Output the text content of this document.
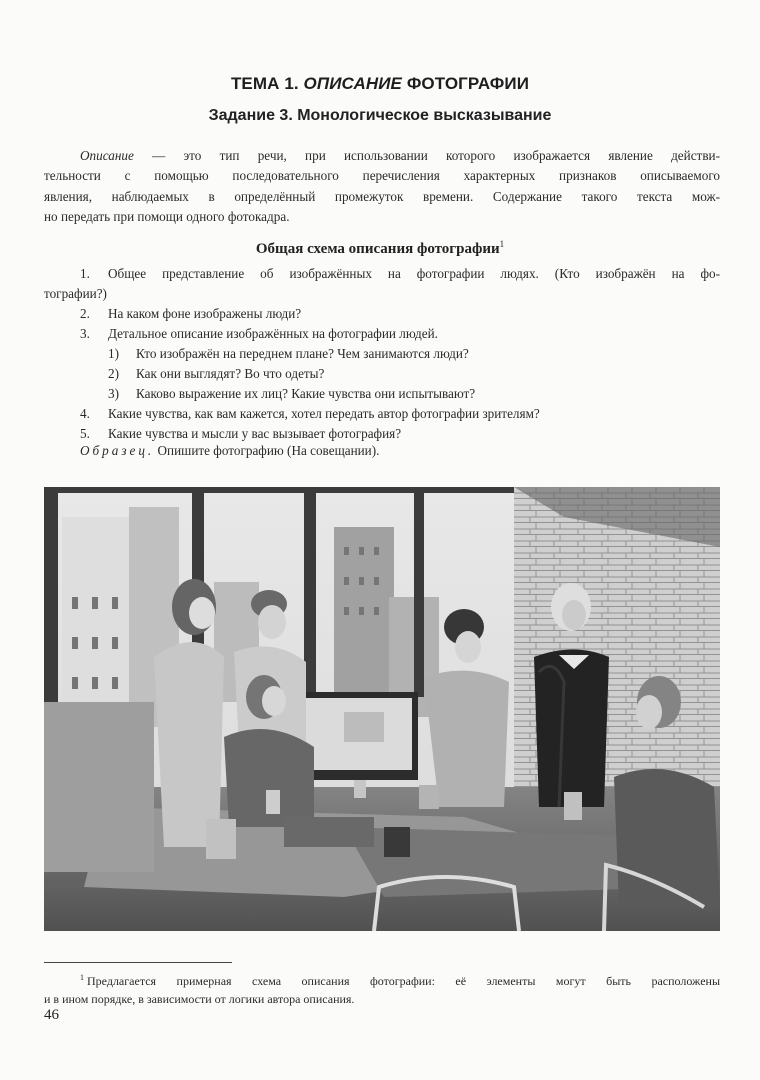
ТЕМА 1. ОПИСАНИЕ ФОТОГРАФИИ
Задание 3. Монологическое высказывание
Описание — это тип речи, при использовании которого изображается явление действи-
тельности с помощью последовательного перечисления характерных признаков описываемого
явления, наблюдаемых в определённый промежуток времени. Содержание такого текста мож-
но передать при помощи одного фотокадра.
Общая схема описания фотографии$^1$
1. Общее представление об изображённых на фотографии людях. (Кто изображён на фо-
тографии?)
2. На каком фоне изображены люди?
3. Детальное описание изображённых на фотографии людей.
1) Кто изображён на переднем плане? Чем занимаются люди?
2) Как они выглядят? Во что одеты?
3) Каково выражение их лиц? Какие чувства они испытывают?
4. Какие чувства, как вам кажется, хотел передать автор фотографии зрителям?
5. Какие чувства и мысли у вас вызывает фотография?
Образец. Опишите фотографию (На совещании).
$^1$ Предлагается примерная схема описания фотографии: её элементы могут быть расположены
и в ином порядке, в зависимости от логики автора описания.
46
